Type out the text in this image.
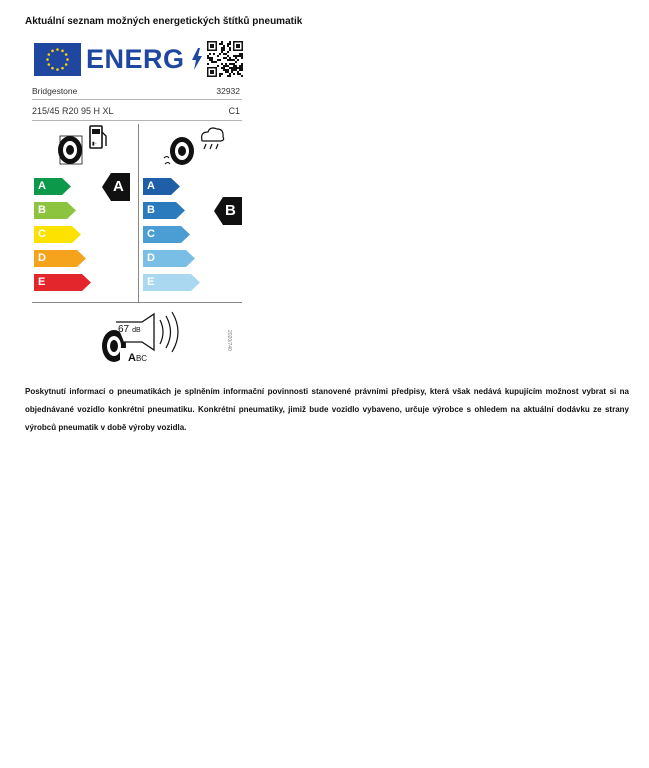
Aktuální seznam možných energetických štítků pneumatik
ENERG
Bridgestone	32932
215/45 R20 95 H XL	C1
▮◦
A
B
C
D
E
A A
B
C
D
E
B
67 dB
ABC
2020/740
Poskytnutí informací o pneumatikách je splněním informační povinnosti stanovené právními předpisy, která však nedává kupujícím možnost vybrat si na objednávané vozidlo konkrétní pneumatiku. Konkrétní pneumatiky, jimiž bude vozidlo vybaveno, určuje výrobce s ohledem na aktuální dodávku ze strany výrobců pneumatik v době výroby vozidla.
